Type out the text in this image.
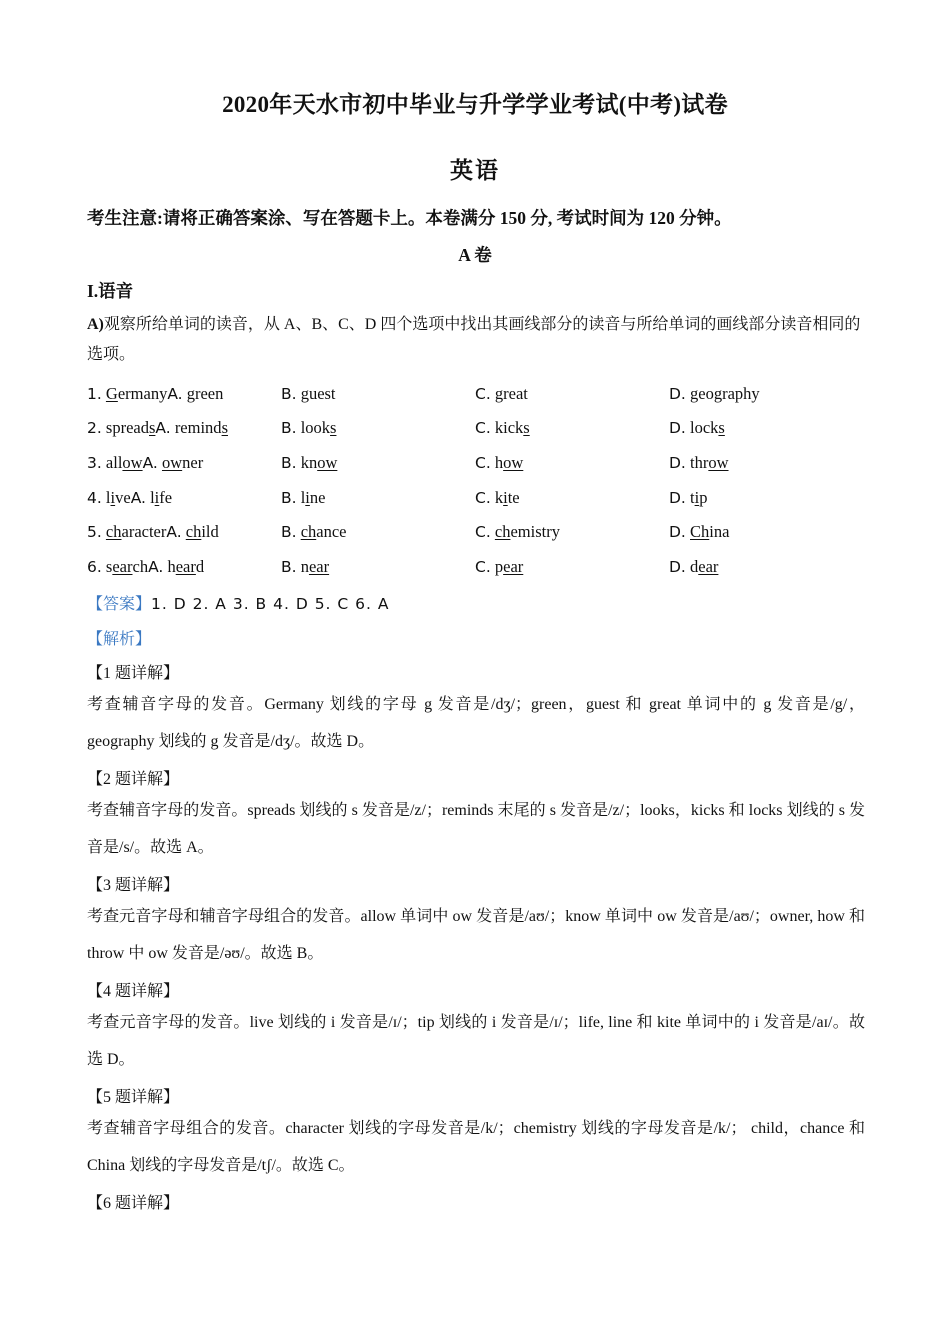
2020年天水市初中毕业与升学学业考试(中考)试卷
英语
考生注意:请将正确答案涂、写在答题卡上。本卷满分 150 分, 考试时间为 120 分钟。
A 卷
I.语音
A)观察所给单词的读音，从 A、B、C、D 四个选项中找出其画线部分的读音与所给单词的画线部分读音相同的选项。
1. GermanyA. green	B. guest	C. great	D. geography
2. spreadsA. reminds	B. looks	C. kicks	D. locks
3. allowA. owner	B. know	C. how	D. throw
4. liveA. life	B. line	C. kite	D. tip
5. characterA. child	B. chance	C. chemistry	D. China
6. searchA. heard	B. near	C. pear	D. dear
【答案】1. D 2. A 3. B 4. D 5. C 6. A
【解析】
【1 题详解】
考查辅音字母的发音。Germany 划线的字母 g 发音是/dʒ/；green，guest 和 great 单词中的 g 发音是/g/，geography 划线的 g 发音是/dʒ/。故选 D。
【2 题详解】
考查辅音字母的发音。spreads 划线的 s 发音是/z/；reminds 末尾的 s 发音是/z/；looks，kicks 和 locks 划线的 s 发音是/s/。故选 A。
【3 题详解】
考查元音字母和辅音字母组合的发音。allow 单词中 ow 发音是/aʊ/；know 单词中 ow 发音是/aʊ/；owner, how 和 throw 中 ow 发音是/əʊ/。故选 B。
【4 题详解】
考查元音字母的发音。live 划线的 i 发音是/ɪ/；tip 划线的 i 发音是/ɪ/；life, line 和 kite 单词中的 i 发音是/aɪ/。故选 D。
【5 题详解】
考查辅音字母组合的发音。character 划线的字母发音是/k/；chemistry 划线的字母发音是/k/； child，chance 和 China 划线的字母发音是/tʃ/。故选 C。
【6 题详解】
